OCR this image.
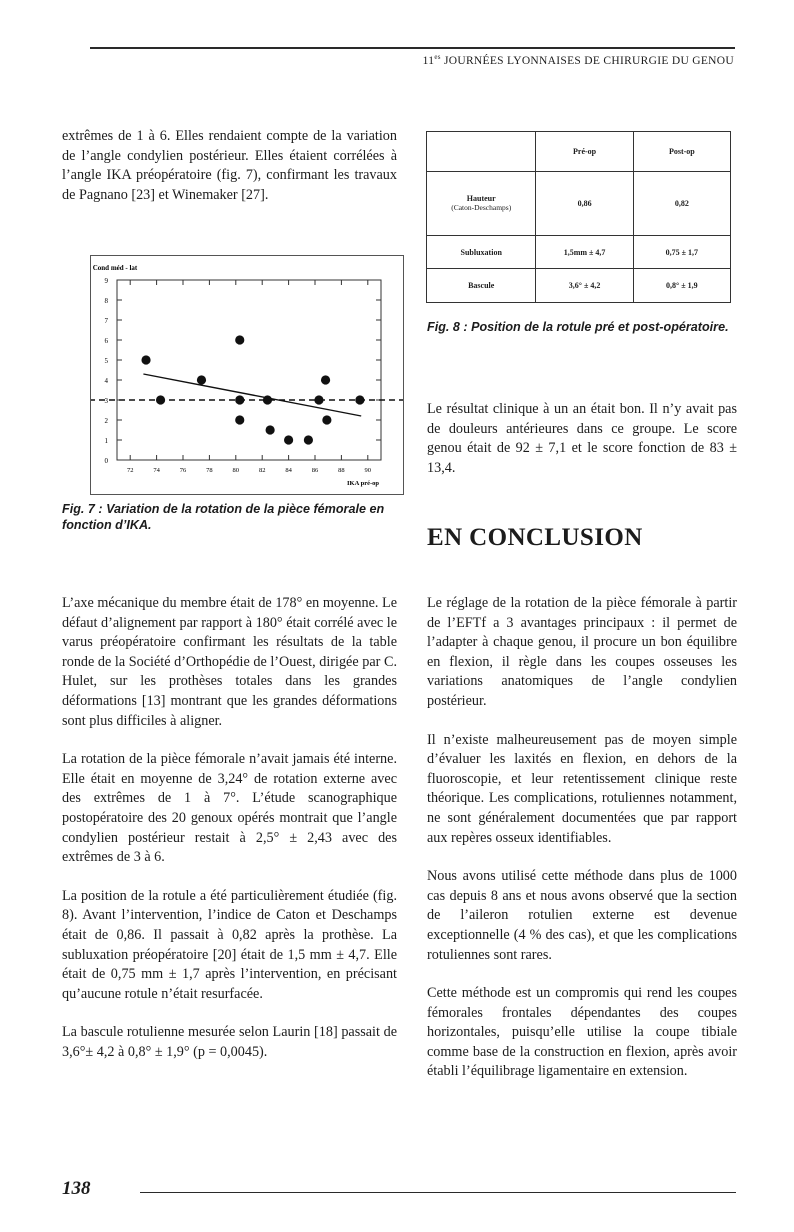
$11^{es}$ JOURNÉES LYONNAISES DE CHIRURGIE DU GENOU

extrêmes de 1 à 6. Elles rendaient compte de la variation de l’angle condylien postérieur. Elles étaient corrélées à l’angle IKA préopératoire (fig. 7), confirmant les travaux de Pagnano [23] et Winemaker [27].

0
1
2
3
4
5
6
7
8
9
72	74	76	78	80	82	84	86	88	90
Cond méd - lat
IKA pré-op
Fig. 7 : Variation de la rotation de la pièce fémorale en fonction d’IKA.
	Pré-op	Post-op

Hauteur
(Caton-Deschamps)	0,86	0,82
Subluxation	1,5mm ± 4,7	0,75 ± 1,7
Bascule	3,6° ± 4,2	0,8° ± 1,9
Fig. 8 : Position de la rotule pré et post-opératoire.

Le résultat clinique à un an était bon. Il n’y avait pas de douleurs antérieures dans ce groupe. Le score genou était de 92 ± 7,1 et le score fonction de 83 ± 13,4.

EN CONCLUSION

L’axe mécanique du membre était de 178° en moyenne. Le défaut d’alignement par rapport à 180° était corrélé avec le varus préopératoire confirmant les résultats de la table ronde de la Société d’Orthopédie de l’Ouest, dirigée par C. Hulet, sur les prothèses totales dans les grandes déformations [13] montrant que les grandes déformations sont plus difficiles à aligner.

La rotation de la pièce fémorale n’avait jamais été interne. Elle était en moyenne de 3,24° de rotation externe avec des extrêmes de 1 à 7°. L’étude scanographique postopératoire des 20 genoux opérés montrait que l’angle condylien postérieur restait à 2,5° ± 2,43 avec des extrêmes de 3 à 6.

La position de la rotule a été particulièrement étudiée (fig. 8). Avant l’intervention, l’indice de Caton et Deschamps était de 0,86. Il passait à 0,82 après la prothèse. La subluxation préopératoire [20] était de 1,5 mm ± 4,7. Elle était de 0,75 mm ± 1,7 après l’intervention, en précisant qu’aucune rotule n’était resurfacée.

La bascule rotulienne mesurée selon Laurin [18] passait de 3,6°± 4,2 à 0,8° ± 1,9° (p = 0,0045).

Le réglage de la rotation de la pièce fémorale à partir de l’EFTf a 3 avantages principaux : il permet de l’adapter à chaque genou, il procure un bon équilibre en flexion, il règle dans les coupes osseuses les variations anatomiques de l’angle condylien postérieur.

Il n’existe malheureusement pas de moyen simple d’évaluer les laxités en flexion, en dehors de la fluoroscopie, et leur retentissement clinique reste théorique. Les complications, rotuliennes notamment, ne sont généralement documentées que par rapport aux repères osseux identifiables.

Nous avons utilisé cette méthode dans plus de 1000 cas depuis 8 ans et nous avons observé que la section de l’aileron rotulien externe est devenue exceptionnelle (4 % des cas), et que les complications rotuliennes sont rares.

Cette méthode est un compromis qui rend les coupes fémorales frontales dépendantes des coupes horizontales, puisqu’elle utilise la coupe tibiale comme base de la construction en flexion, après avoir établi l’équilibrage ligamentaire en extension.

138
